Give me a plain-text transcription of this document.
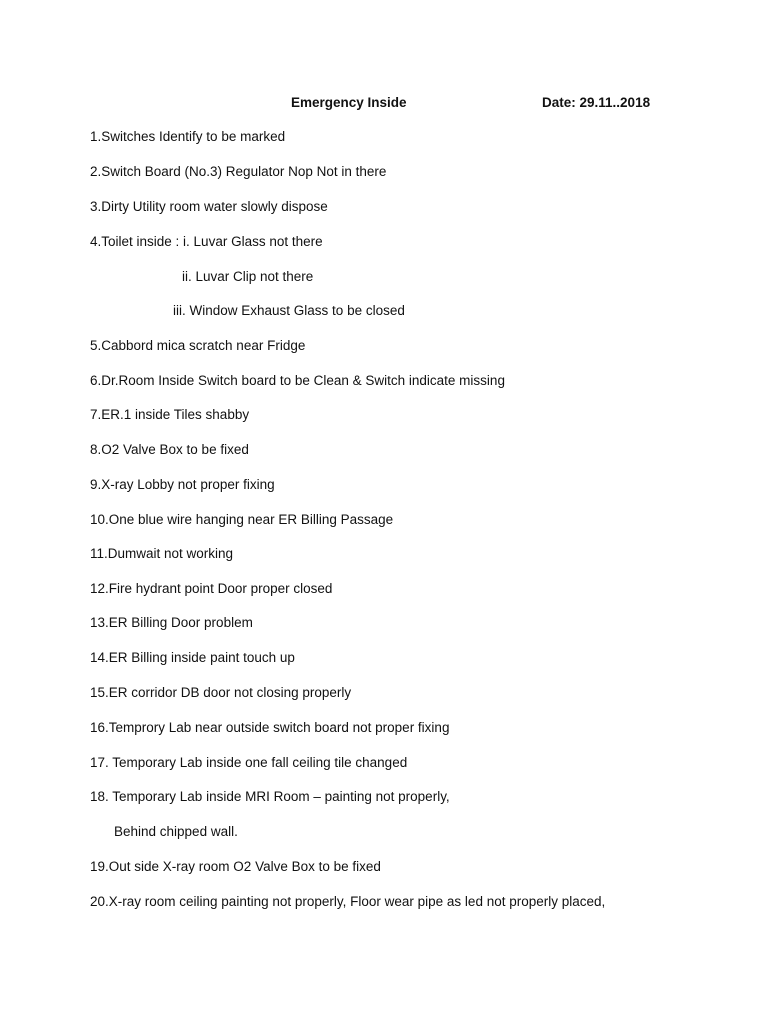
Emergency Inside	Date: 29.11..2018
1.Switches Identify to be marked
2.Switch Board (No.3) Regulator Nop Not in there
3.Dirty Utility room water slowly dispose
4.Toilet inside : i. Luvar Glass not there
ii. Luvar Clip not there
iii. Window Exhaust Glass to be closed
5.Cabbord mica scratch near Fridge
6.Dr.Room Inside Switch board to be Clean & Switch indicate missing
7.ER.1 inside Tiles shabby
8.O2 Valve Box to be fixed
9.X-ray Lobby not proper fixing
10.One blue wire hanging near ER Billing Passage
11.Dumwait not working
12.Fire hydrant point Door proper closed
13.ER Billing Door problem
14.ER Billing inside paint touch up
15.ER corridor DB door not closing properly
16.Temprory Lab near outside switch board not proper fixing
17. Temporary Lab inside one fall ceiling tile changed
18. Temporary Lab inside MRI Room – painting not properly,
Behind chipped wall.
19.Out side X-ray room O2 Valve Box to be fixed
20.X-ray room ceiling painting not properly, Floor wear pipe as led not properly placed,
